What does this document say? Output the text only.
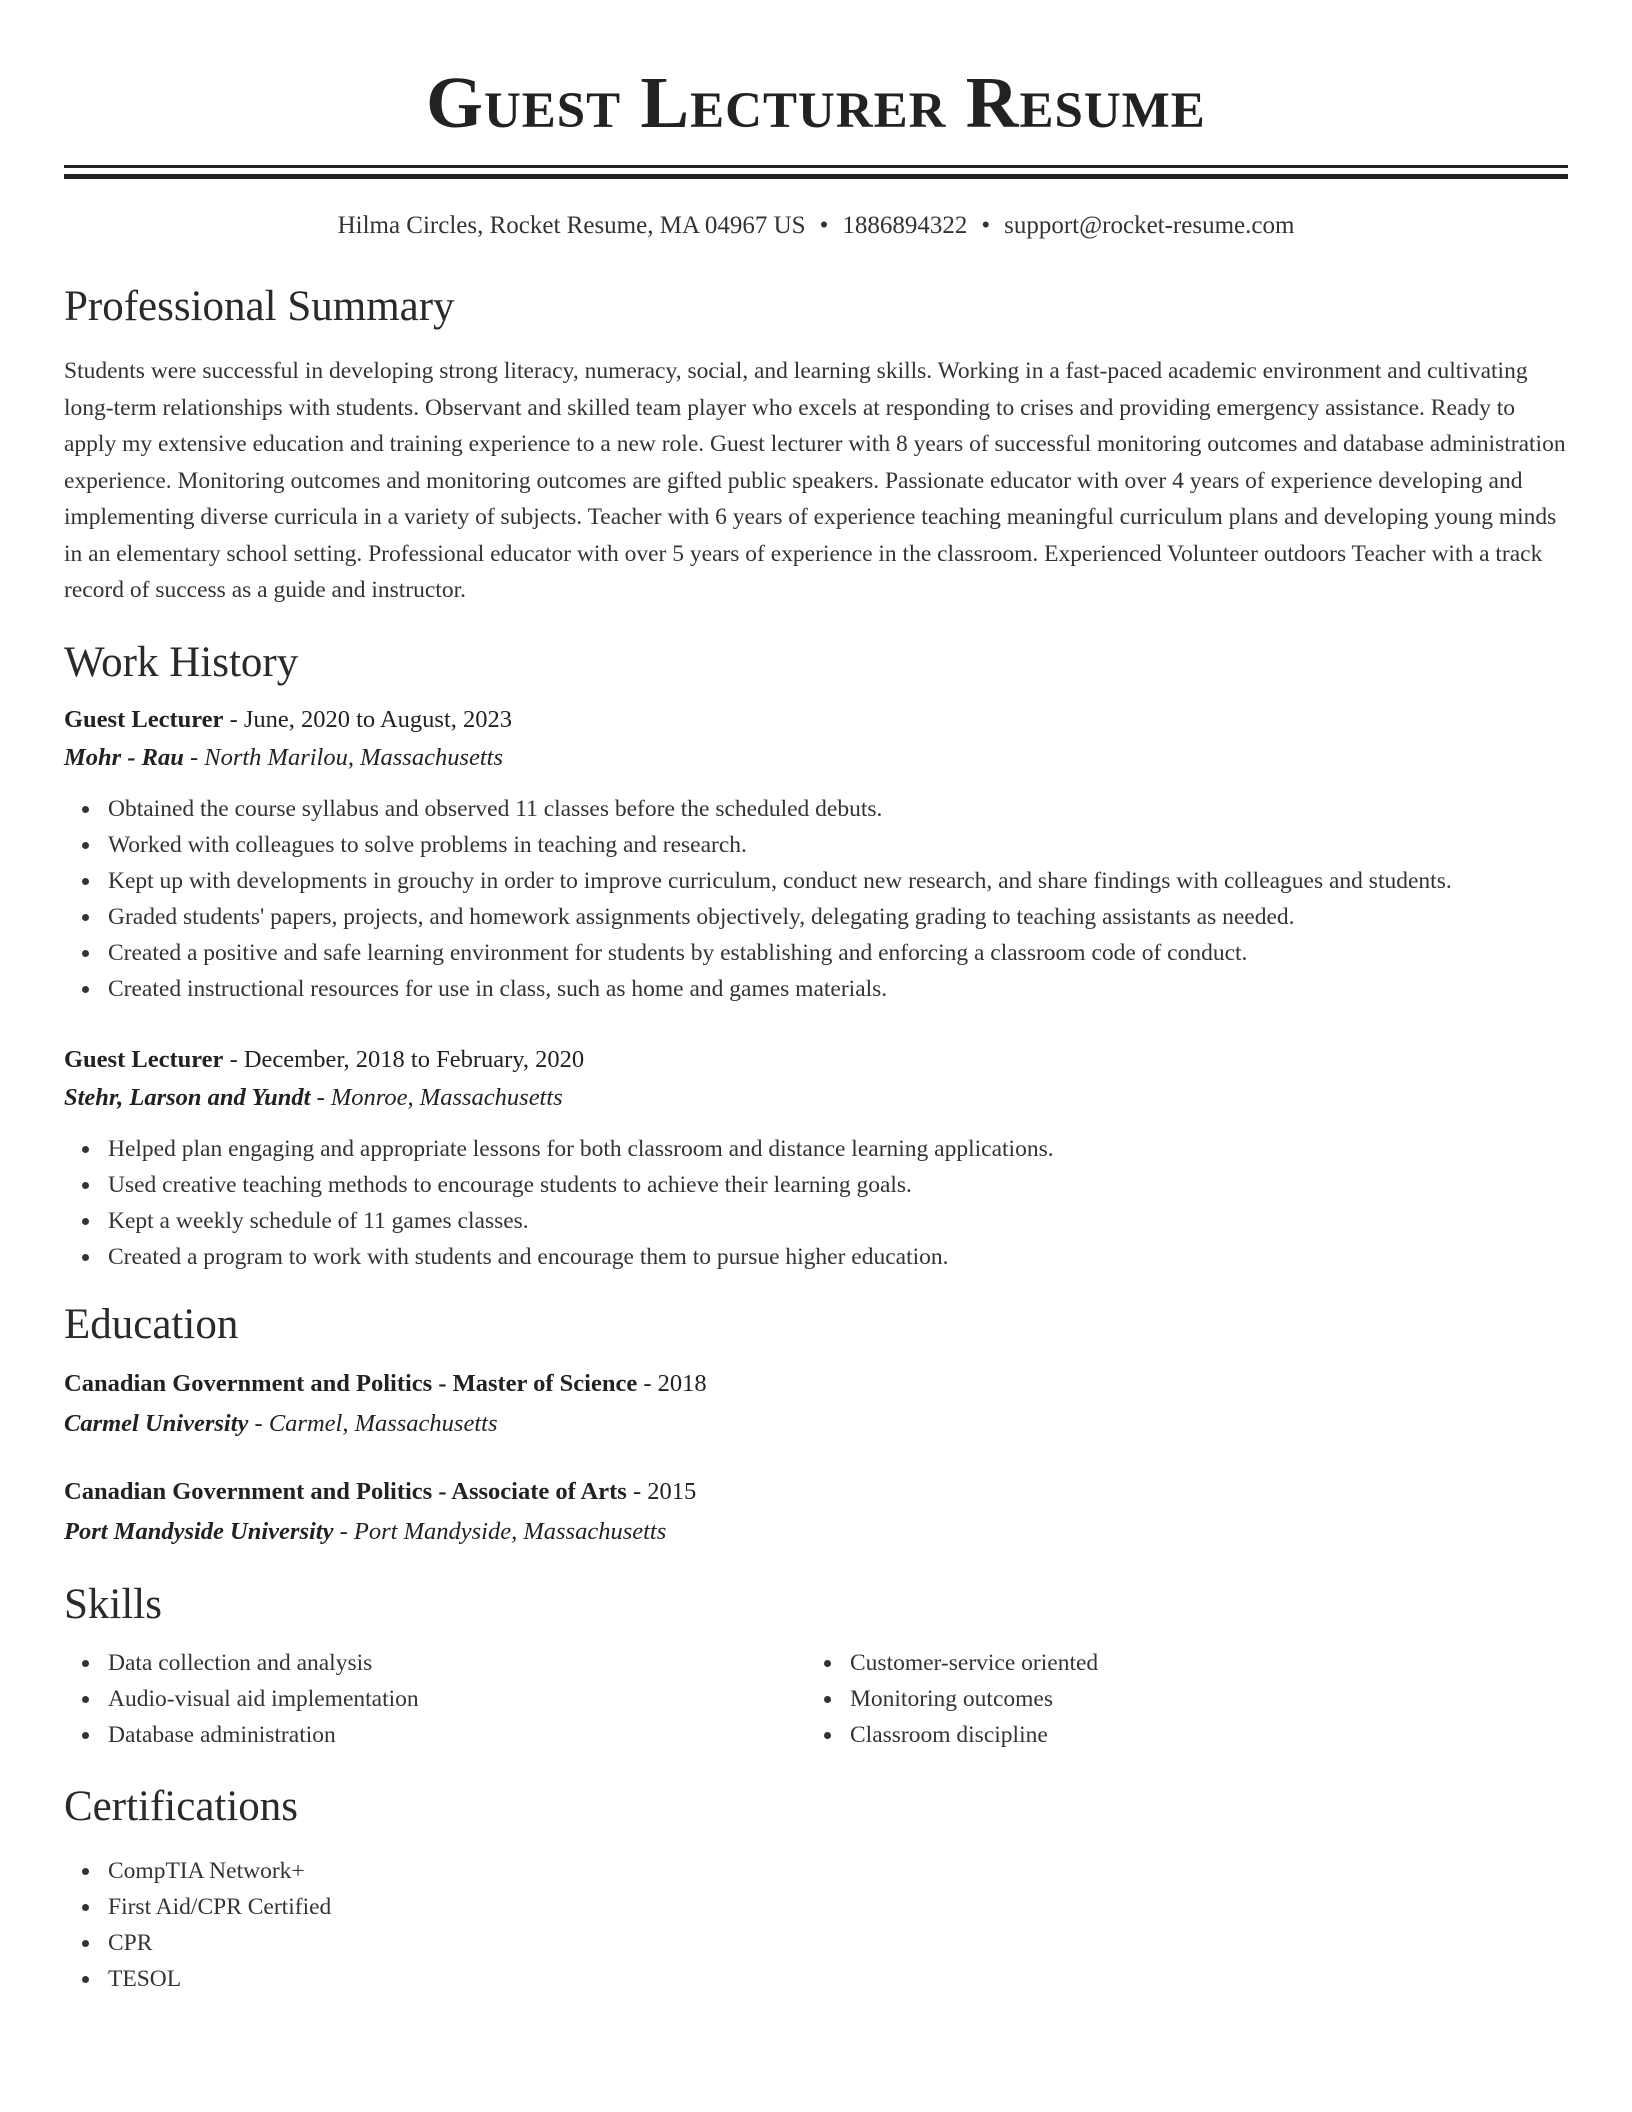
Guest Lecturer Resume
Hilma Circles, Rocket Resume, MA 04967 US • 1886894322 • support@rocket-resume.com
Professional Summary

Students were successful in developing strong literacy, numeracy, social, and learning skills. Working in a fast-paced academic environment and cultivating long-term relationships with students. Observant and skilled team player who excels at responding to crises and providing emergency assistance. Ready to apply my extensive education and training experience to a new role. Guest lecturer with 8 years of successful monitoring outcomes and database administration experience. Monitoring outcomes and monitoring outcomes are gifted public speakers. Passionate educator with over 4 years of experience developing and implementing diverse curricula in a variety of subjects. Teacher with 6 years of experience teaching meaningful curriculum plans and developing young minds in an elementary school setting. Professional educator with over 5 years of experience in the classroom. Experienced Volunteer outdoors Teacher with a track record of success as a guide and instructor.

Work History
Guest Lecturer - June, 2020 to August, 2023
Mohr - Rau - North Marilou, Massachusetts
Obtained the course syllabus and observed 11 classes before the scheduled debuts.
Worked with colleagues to solve problems in teaching and research.
Kept up with developments in grouchy in order to improve curriculum, conduct new research, and share findings with colleagues and students.
Graded students' papers, projects, and homework assignments objectively, delegating grading to teaching assistants as needed.
Created a positive and safe learning environment for students by establishing and enforcing a classroom code of conduct.
Created instructional resources for use in class, such as home and games materials.
Guest Lecturer - December, 2018 to February, 2020
Stehr, Larson and Yundt - Monroe, Massachusetts
Helped plan engaging and appropriate lessons for both classroom and distance learning applications.
Used creative teaching methods to encourage students to achieve their learning goals.
Kept a weekly schedule of 11 games classes.
Created a program to work with students and encourage them to pursue higher education.
Education
Canadian Government and Politics - Master of Science - 2018
Carmel University - Carmel, Massachusetts
Canadian Government and Politics - Associate of Arts - 2015
Port Mandyside University - Port Mandyside, Massachusetts
Skills
Data collection and analysis
Audio-visual aid implementation
Database administration
Customer-service oriented
Monitoring outcomes
Classroom discipline
Certifications
CompTIA Network+
First Aid/CPR Certified
CPR
TESOL
